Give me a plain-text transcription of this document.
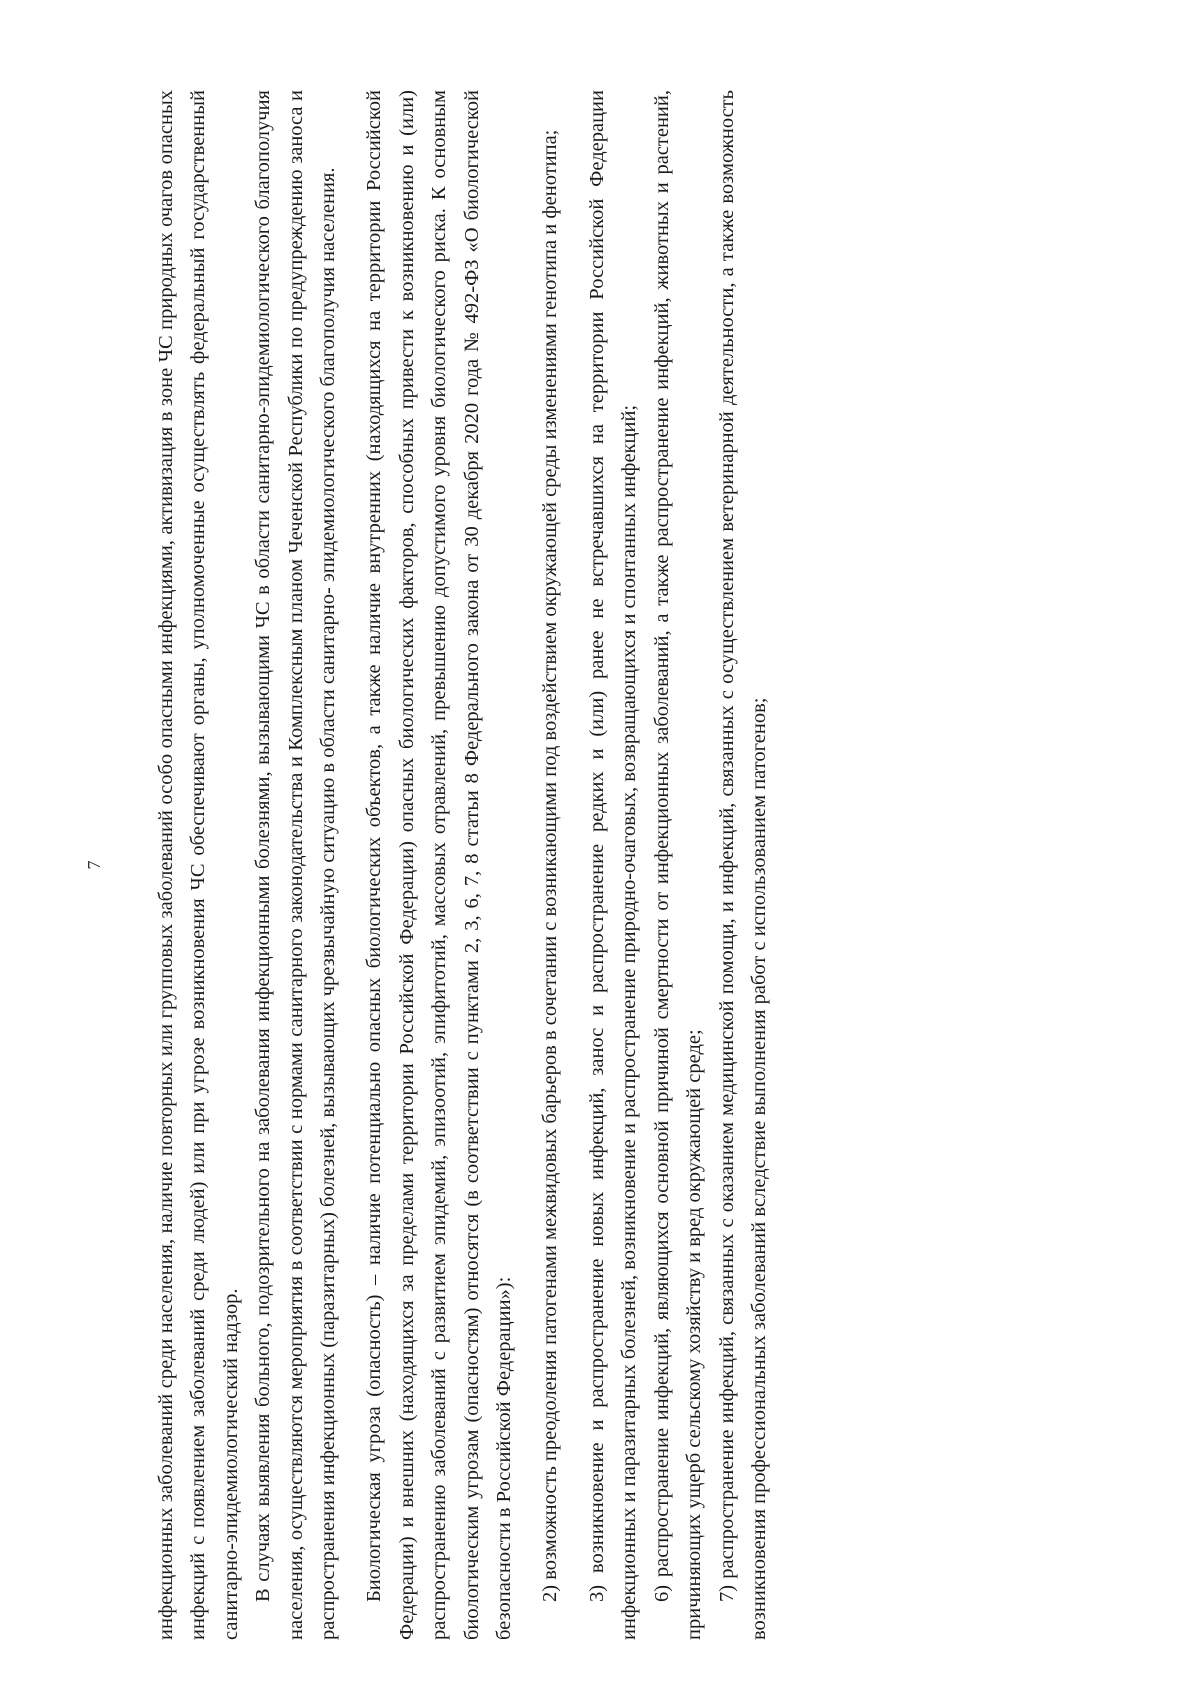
7	инфекционных заболеваний среди населения, наличие повторных или групповых заболеваний особо опасными инфекциями, активизация в зоне ЧС природных очагов опасных инфекций с появлением заболеваний среди людей) или при угрозе возникновения ЧС обеспечивают органы, уполномоченные осуществлять федеральный государственный санитарно-эпидемиологический надзор. В случаях выявления больного, подозрительного на заболевания инфекционными болезнями, вызывающими ЧС в области санитарно-эпидемиологического благополучия населения, осуществляются мероприятия в соответствии с нормами санитарного законодательства и Комплексным планом Чеченской Республики по предупреждению заноса и распространения инфекционных (паразитарных) болезней, вызывающих чрезвычайную ситуацию в области санитарно- эпидемиологического благополучия населения. Биологическая угроза (опасность) – наличие потенциально опасных биологических объектов, а также наличие внутренних (находящихся на территории Российской Федерации) и внешних (находящихся за пределами территории Российской Федерации) опасных биологических факторов, способных привести к возникновению и (или) распространению заболеваний с развитием эпидемий, эпизоотий, эпифитотий, массовых отравлений, превышению допустимого уровня биологического риска. К основным биологическим угрозам (опасностям) относятся (в соответствии с пунктами 2, 3, 6, 7, 8 статьи 8 Федерального закона от 30 декабря 2020 года № 492-ФЗ «О биологической безопасности в Российской Федерации»): 2) возможность преодоления патогенами межвидовых барьеров в сочетании с возникающими под воздействием окружающей среды изменениями генотипа и фенотипа; 3) возникновение и распространение новых инфекций, занос и распространение редких и (или) ранее не встречавшихся на территории Российской Федерации инфекционных и паразитарных болезней, возникновение и распространение природно-очаговых, возвращающихся и спонтанных инфекций; 6) распространение инфекций, являющихся основной причиной смертности от инфекционных заболеваний, а также распространение инфекций, животных и растений, причиняющих ущерб сельскому хозяйству и вред окружающей среде; 7) распространение инфекций, связанных с оказанием медицинской помощи, и инфекций, связанных с осуществлением ветеринарной деятельности, а также возможность возникновения профессиональных заболеваний вследствие выполнения работ с использованием патогенов;
